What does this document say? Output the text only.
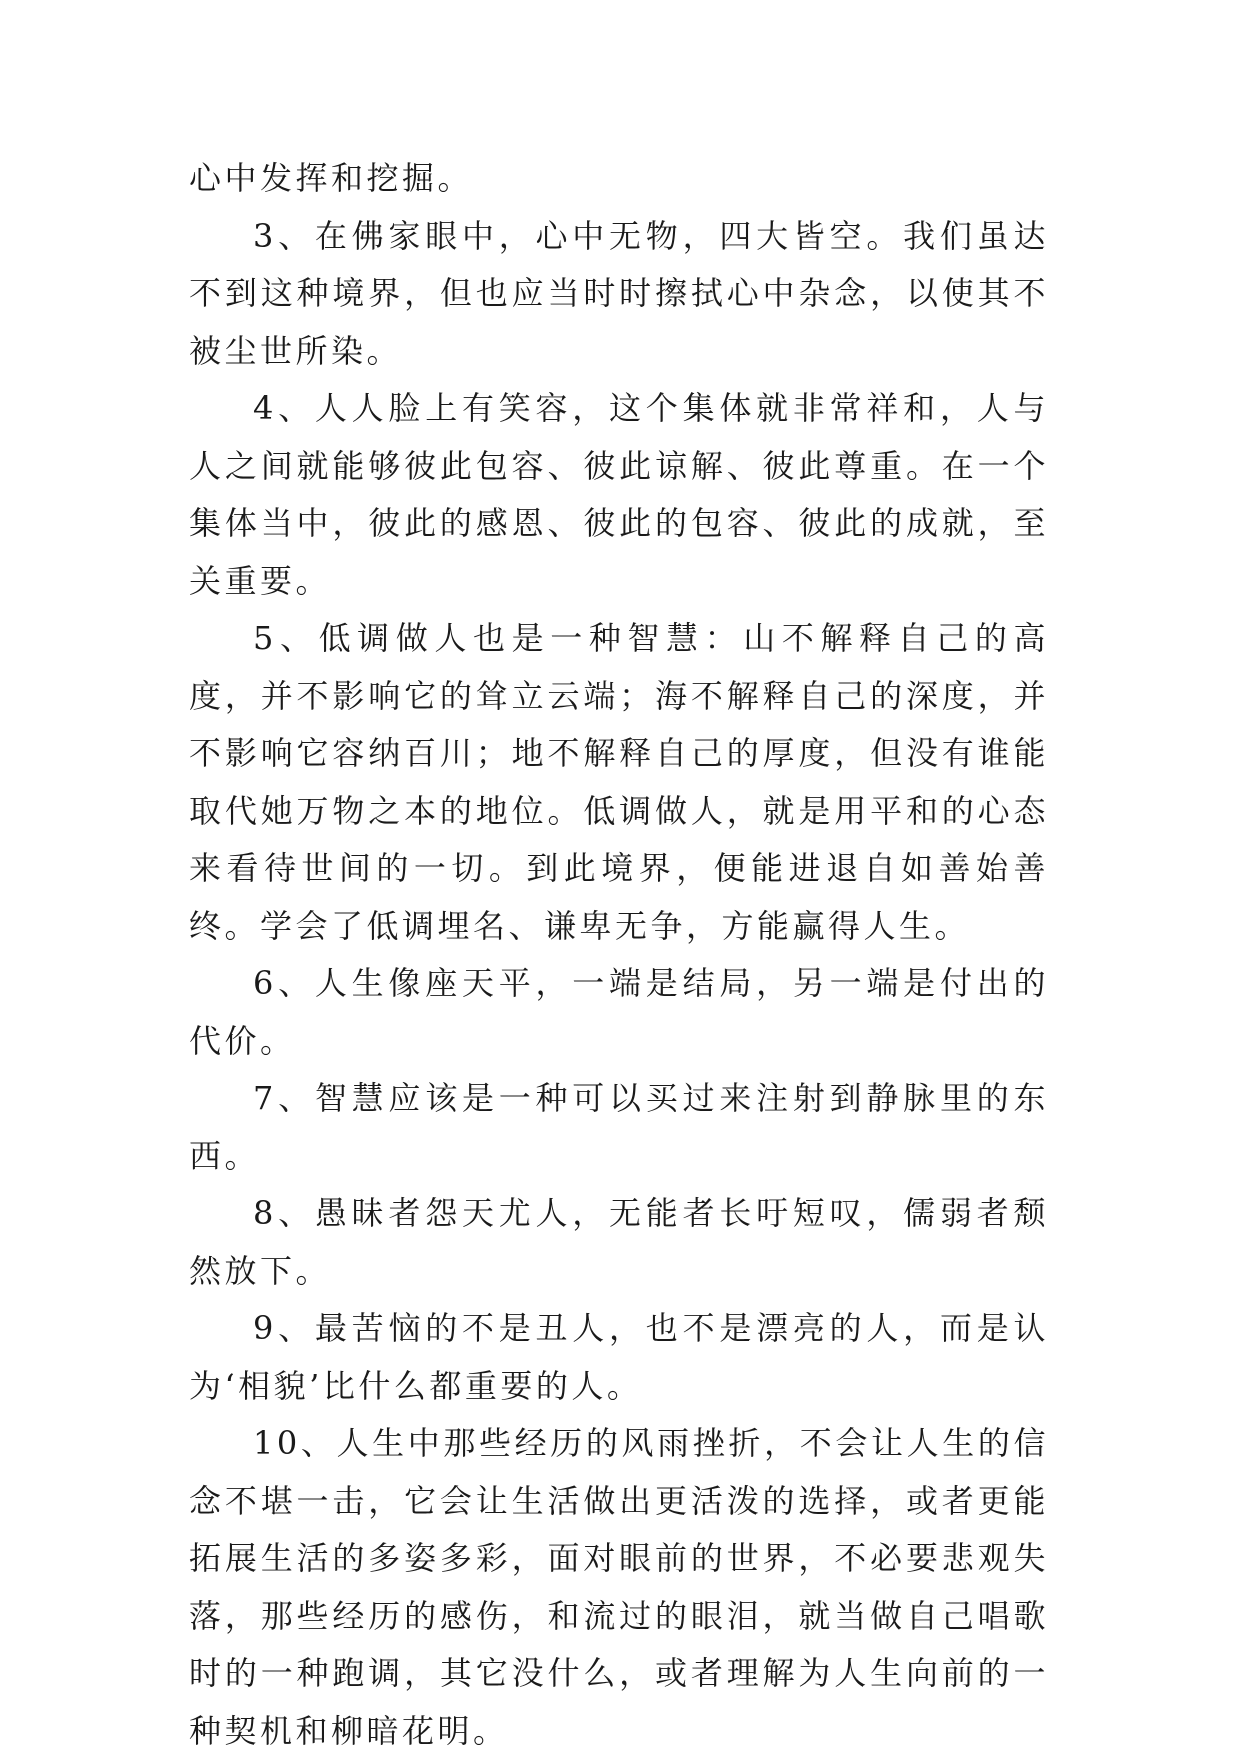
心中发挥和挖掘。

3、在佛家眼中，心中无物，四大皆空。我们虽达不到这种境界，但也应当时时擦拭心中杂念，以使其不被尘世所染。

4、人人脸上有笑容，这个集体就非常祥和，人与人之间就能够彼此包容、彼此谅解、彼此尊重。在一个集体当中，彼此的感恩、彼此的包容、彼此的成就，至关重要。

5、低调做人也是一种智慧：山不解释自己的高度，并不影响它的耸立云端；海不解释自己的深度，并不影响它容纳百川；地不解释自己的厚度，但没有谁能取代她万物之本的地位。低调做人，就是用平和的心态来看待世间的一切。到此境界，便能进退自如善始善终。学会了低调埋名、谦卑无争，方能赢得人生。

6、人生像座天平，一端是结局，另一端是付出的代价。

7、智慧应该是一种可以买过来注射到静脉里的东西。

8、愚昧者怨天尤人，无能者长吁短叹，儒弱者颓然放下。

9、最苦恼的不是丑人，也不是漂亮的人，而是认为‘相貌’比什么都重要的人。

10、人生中那些经历的风雨挫折，不会让人生的信念不堪一击，它会让生活做出更活泼的选择，或者更能拓展生活的多姿多彩，面对眼前的世界，不必要悲观失落，那些经历的感伤，和流过的眼泪，就当做自己唱歌时的一种跑调，其它没什么，或者理解为人生向前的一种契机和柳暗花明。
